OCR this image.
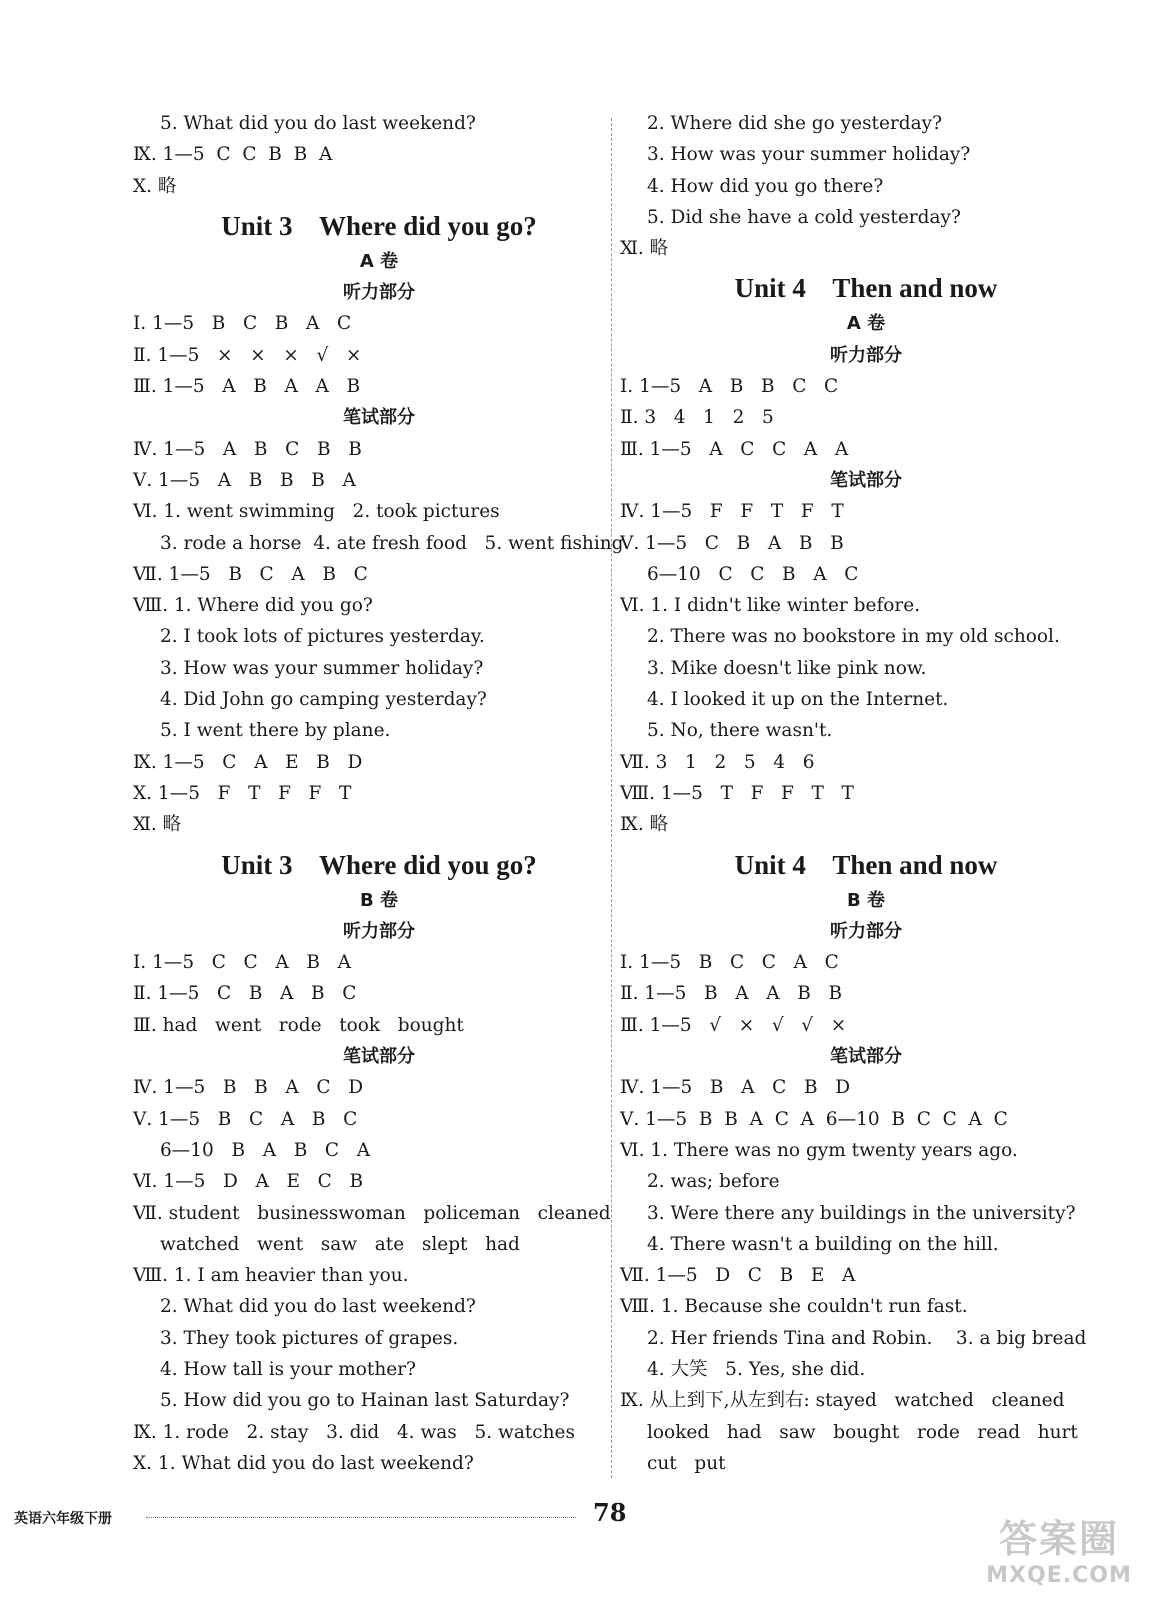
5. What did you do last weekend?
Ⅸ. 1—5  C  C  B  B  A
Ⅹ. 略
Unit 3    Where did you go?
A 卷
听力部分
Ⅰ. 1—5   B   C   B   A   C
Ⅱ. 1—5   ×   ×   ×   √   ×
Ⅲ. 1—5   A   B   A   A   B
笔试部分
Ⅳ. 1—5   A   B   C   B   B
Ⅴ. 1—5   A   B   B   B   A
Ⅵ. 1. went swimming   2. took pictures
3. rode a horse  4. ate fresh food   5. went fishing
Ⅶ. 1—5   B   C   A   B   C
Ⅷ. 1. Where did you go?
2. I took lots of pictures yesterday.
3. How was your summer holiday?
4. Did John go camping yesterday?
5. I went there by plane.
Ⅸ. 1—5   C   A   E   B   D
Ⅹ. 1—5   F   T   F   F   T
Ⅺ. 略
Unit 3    Where did you go?
B 卷
听力部分
Ⅰ. 1—5   C   C   A   B   A
Ⅱ. 1—5   C   B   A   B   C
Ⅲ. had   went   rode   took   bought
笔试部分
Ⅳ. 1—5   B   B   A   C   D
Ⅴ. 1—5   B   C   A   B   C
6—10   B   A   B   C   A
Ⅵ. 1—5   D   A   E   C   B
Ⅶ. student   businesswoman   policeman   cleaned
watched   went   saw   ate   slept   had
Ⅷ. 1. I am heavier than you.
2. What did you do last weekend?
3. They took pictures of grapes.
4. How tall is your mother?
5. How did you go to Hainan last Saturday?
Ⅸ. 1. rode   2. stay   3. did   4. was   5. watches
Ⅹ. 1. What did you do last weekend?
2. Where did she go yesterday?
3. How was your summer holiday?
4. How did you go there?
5. Did she have a cold yesterday?
Ⅺ. 略
Unit 4    Then and now
A 卷
听力部分
Ⅰ. 1—5   A   B   B   C   C
Ⅱ. 3   4   1   2   5
Ⅲ. 1—5   A   C   C   A   A
笔试部分
Ⅳ. 1—5   F   F   T   F   T
Ⅴ. 1—5   C   B   A   B   B
6—10   C   C   B   A   C
Ⅵ. 1. I didn't like winter before.
2. There was no bookstore in my old school.
3. Mike doesn't like pink now.
4. I looked it up on the Internet.
5. No, there wasn't.
Ⅶ. 3   1   2   5   4   6
Ⅷ. 1—5   T   F   F   T   T
Ⅸ. 略
Unit 4    Then and now
B 卷
听力部分
Ⅰ. 1—5   B   C   C   A   C
Ⅱ. 1—5   B   A   A   B   B
Ⅲ. 1—5   √   ×   √   √   ×
笔试部分
Ⅳ. 1—5   B   A   C   B   D
Ⅴ. 1—5  B  B  A  C  A  6—10  B  C  C  A  C
Ⅵ. 1. There was no gym twenty years ago.
2. was; before
3. Were there any buildings in the university?
4. There wasn't a building on the hill.
Ⅶ. 1—5   D   C   B   E   A
Ⅷ. 1. Because she couldn't run fast.
2. Her friends Tina and Robin.    3. a big bread
4. 大笑   5. Yes, she did.
Ⅸ. 从上到下,从左到右: stayed   watched   cleaned
looked   had   saw   bought   rode   read   hurt
cut   put
英语六年级下册	78
答案圈
MXQE.COM
